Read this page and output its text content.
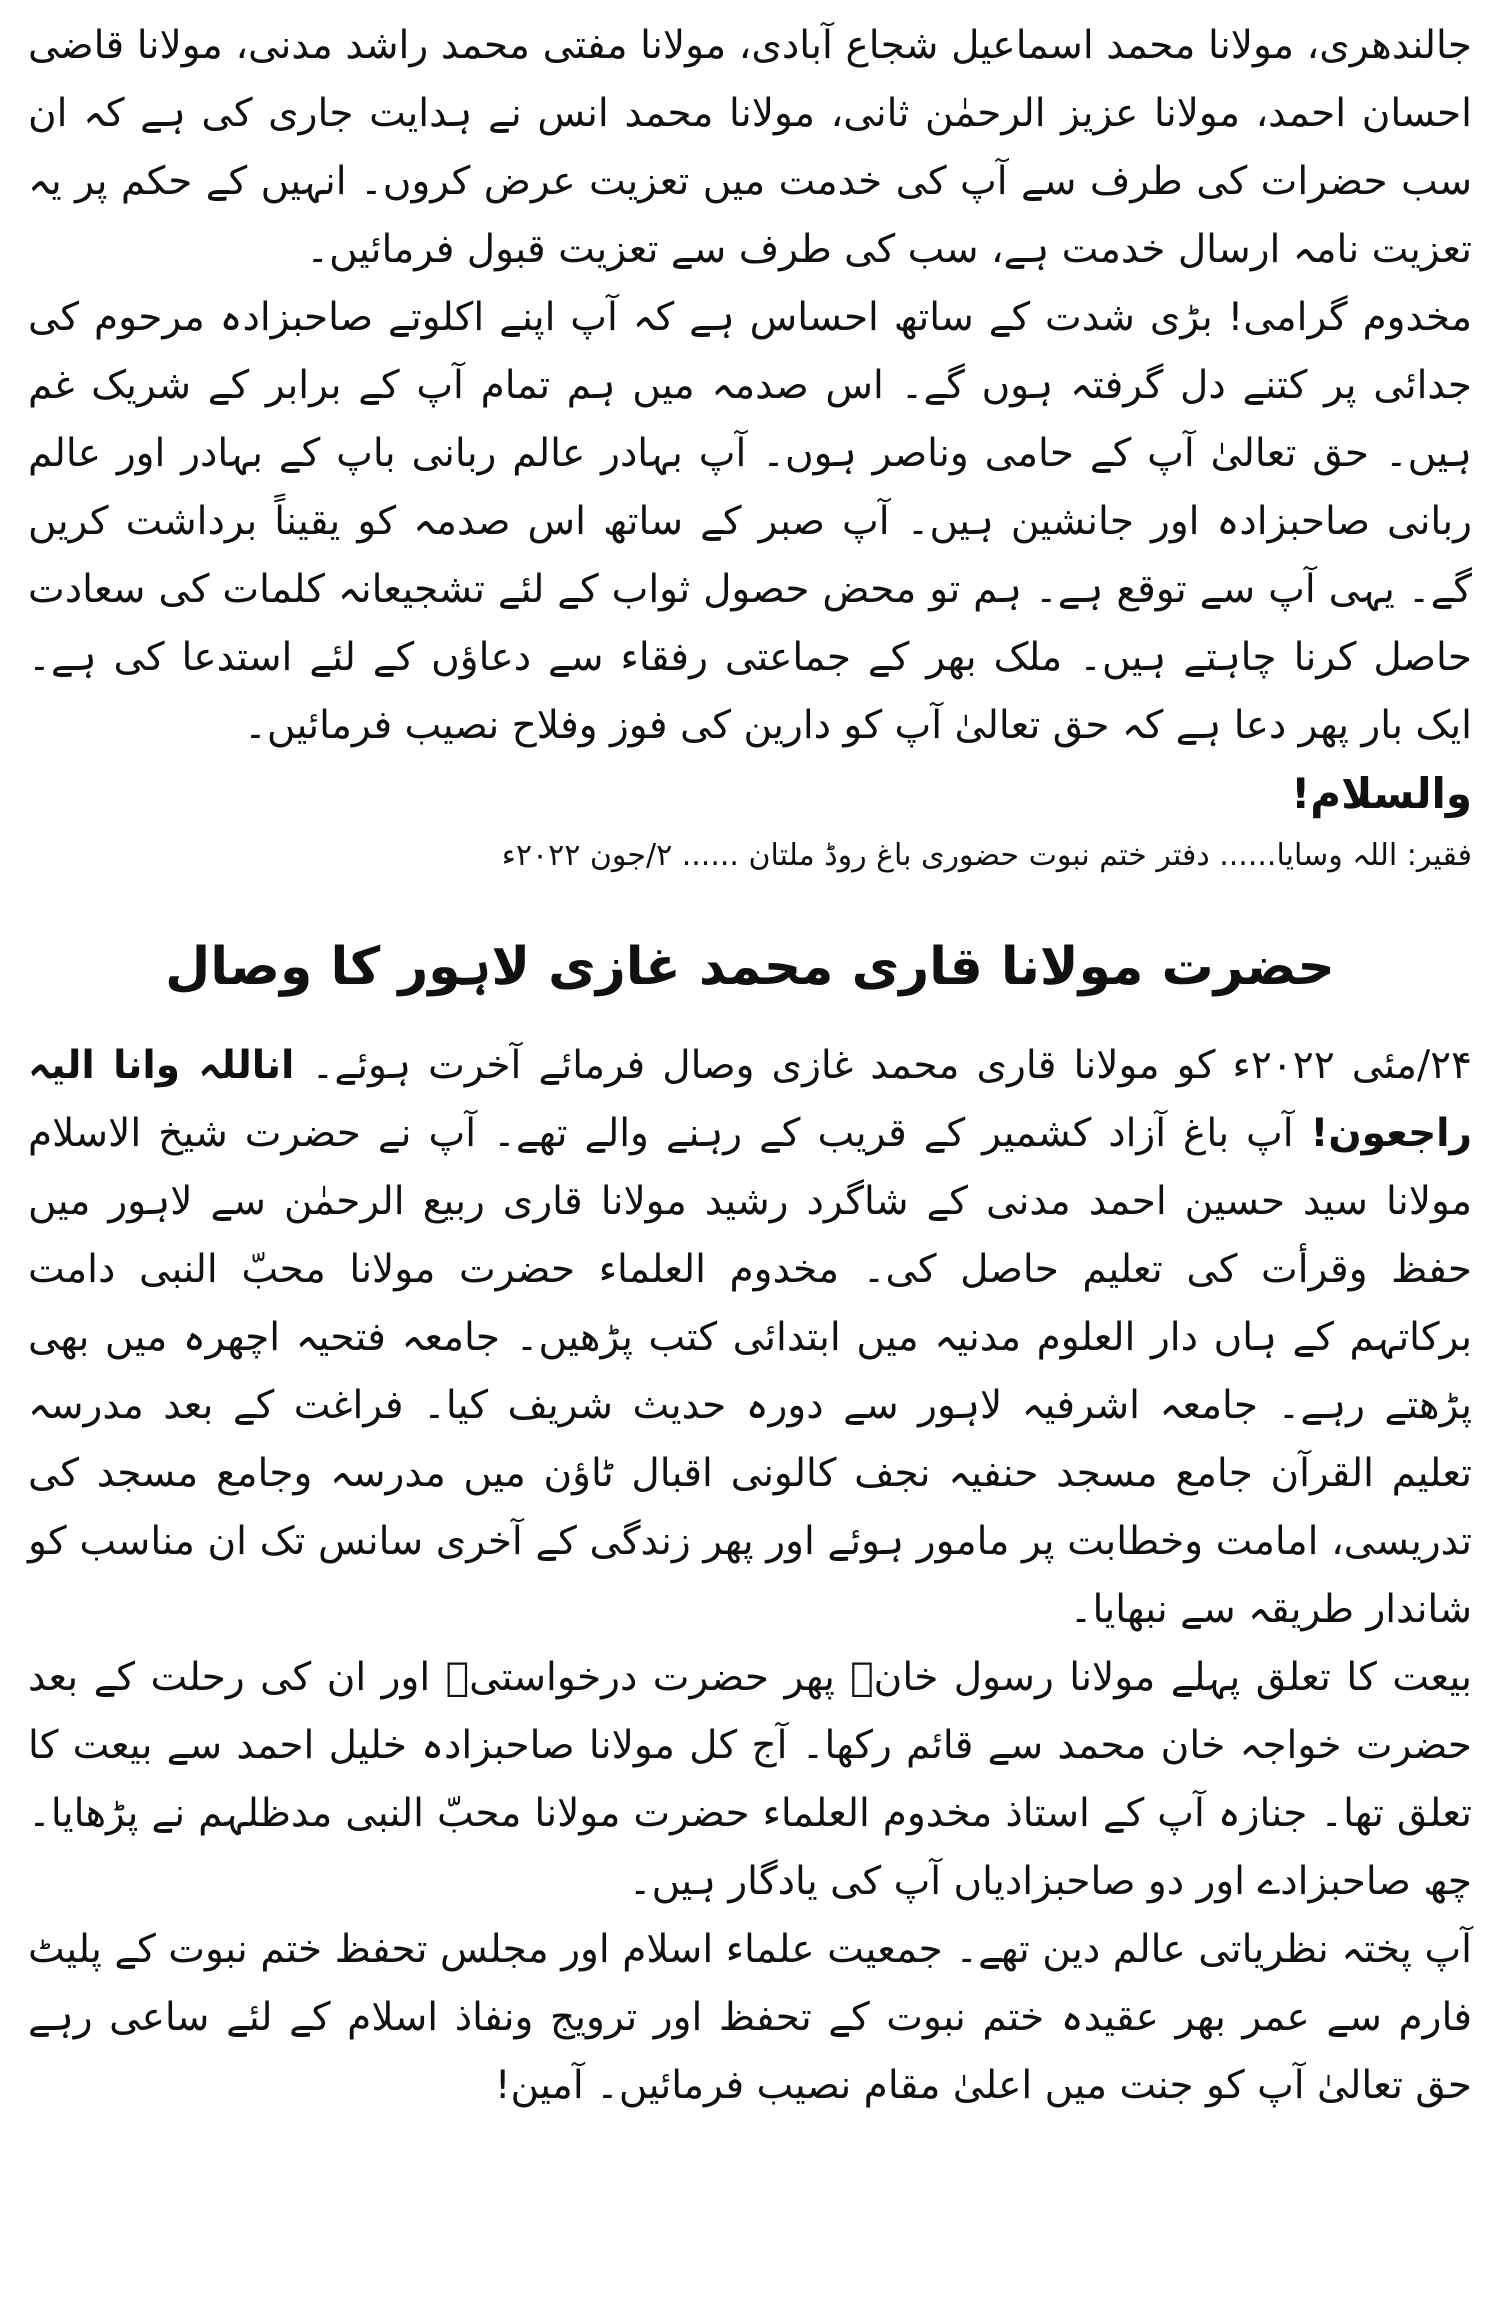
جالندھری، مولانا محمد اسماعیل شجاع آبادی، مولانا مفتی محمد راشد مدنی، مولانا قاضی احسان احمد، مولانا عزیز الرحمٰن ثانی، مولانا محمد انس نے ہدایت جاری کی ہے کہ ان سب حضرات کی طرف سے آپ کی خدمت میں تعزیت عرض کروں۔ انہیں کے حکم پر یہ تعزیت نامہ ارسال خدمت ہے، سب کی طرف سے تعزیت قبول فرمائیں۔

مخدوم گرامی! بڑی شدت کے ساتھ احساس ہے کہ آپ اپنے اکلوتے صاحبزادہ مرحوم کی جدائی پر کتنے دل گرفتہ ہوں گے۔ اس صدمہ میں ہم تمام آپ کے برابر کے شریک غم ہیں۔ حق تعالیٰ آپ کے حامی وناصر ہوں۔ آپ بہادر عالم ربانی باپ کے بہادر اور عالم ربانی صاحبزادہ اور جانشین ہیں۔ آپ صبر کے ساتھ اس صدمہ کو یقیناً برداشت کریں گے۔ یہی آپ سے توقع ہے۔ ہم تو محض حصول ثواب کے لئے تشجیعانہ کلمات کی سعادت حاصل کرنا چاہتے ہیں۔ ملک بھر کے جماعتی رفقاء سے دعاؤں کے لئے استدعا کی ہے۔ ایک بار پھر دعا ہے کہ حق تعالیٰ آپ کو دارین کی فوز وفلاح نصیب فرمائیں۔

والسلام!
فقیر: اللہ وسایا...... دفتر ختم نبوت حضوری باغ روڈ ملتان ...... ۲/جون ۲۰۲۲ء
حضرت مولانا قاری محمد غازی لاہور کا وصال

۲۴/مئی ۲۰۲۲ء کو مولانا قاری محمد غازی وصال فرمائے آخرت ہوئے۔ اناللہ وانا الیہ راجعون! آپ باغ آزاد کشمیر کے قریب کے رہنے والے تھے۔ آپ نے حضرت شیخ الاسلام مولانا سید حسین احمد مدنی کے شاگرد رشید مولانا قاری ربیع الرحمٰن سے لاہور میں حفظ وقرأت کی تعلیم حاصل کی۔ مخدوم العلماء حضرت مولانا محبّ النبی دامت برکاتہم کے ہاں دار العلوم مدنیہ میں ابتدائی کتب پڑھیں۔ جامعہ فتحیہ اچھرہ میں بھی پڑھتے رہے۔ جامعہ اشرفیہ لاہور سے دورہ حدیث شریف کیا۔ فراغت کے بعد مدرسہ تعلیم القرآن جامع مسجد حنفیہ نجف کالونی اقبال ٹاؤن میں مدرسہ وجامع مسجد کی تدریسی، امامت وخطابت پر مامور ہوئے اور پھر زندگی کے آخری سانس تک ان مناسب کو شاندار طریقہ سے نبھایا۔

بیعت کا تعلق پہلے مولانا رسول خانؒ پھر حضرت درخواستیؒ اور ان کی رحلت کے بعد حضرت خواجہ خان محمد سے قائم رکھا۔ آج کل مولانا صاحبزادہ خلیل احمد سے بیعت کا تعلق تھا۔ جنازہ آپ کے استاذ مخدوم العلماء حضرت مولانا محبّ النبی مدظلہم نے پڑھایا۔ چھ صاحبزادے اور دو صاحبزادیاں آپ کی یادگار ہیں۔

آپ پختہ نظریاتی عالم دین تھے۔ جمعیت علماء اسلام اور مجلس تحفظ ختم نبوت کے پلیٹ فارم سے عمر بھر عقیدہ ختم نبوت کے تحفظ اور ترویج ونفاذ اسلام کے لئے ساعی رہے حق تعالیٰ آپ کو جنت میں اعلیٰ مقام نصیب فرمائیں۔ آمین!
